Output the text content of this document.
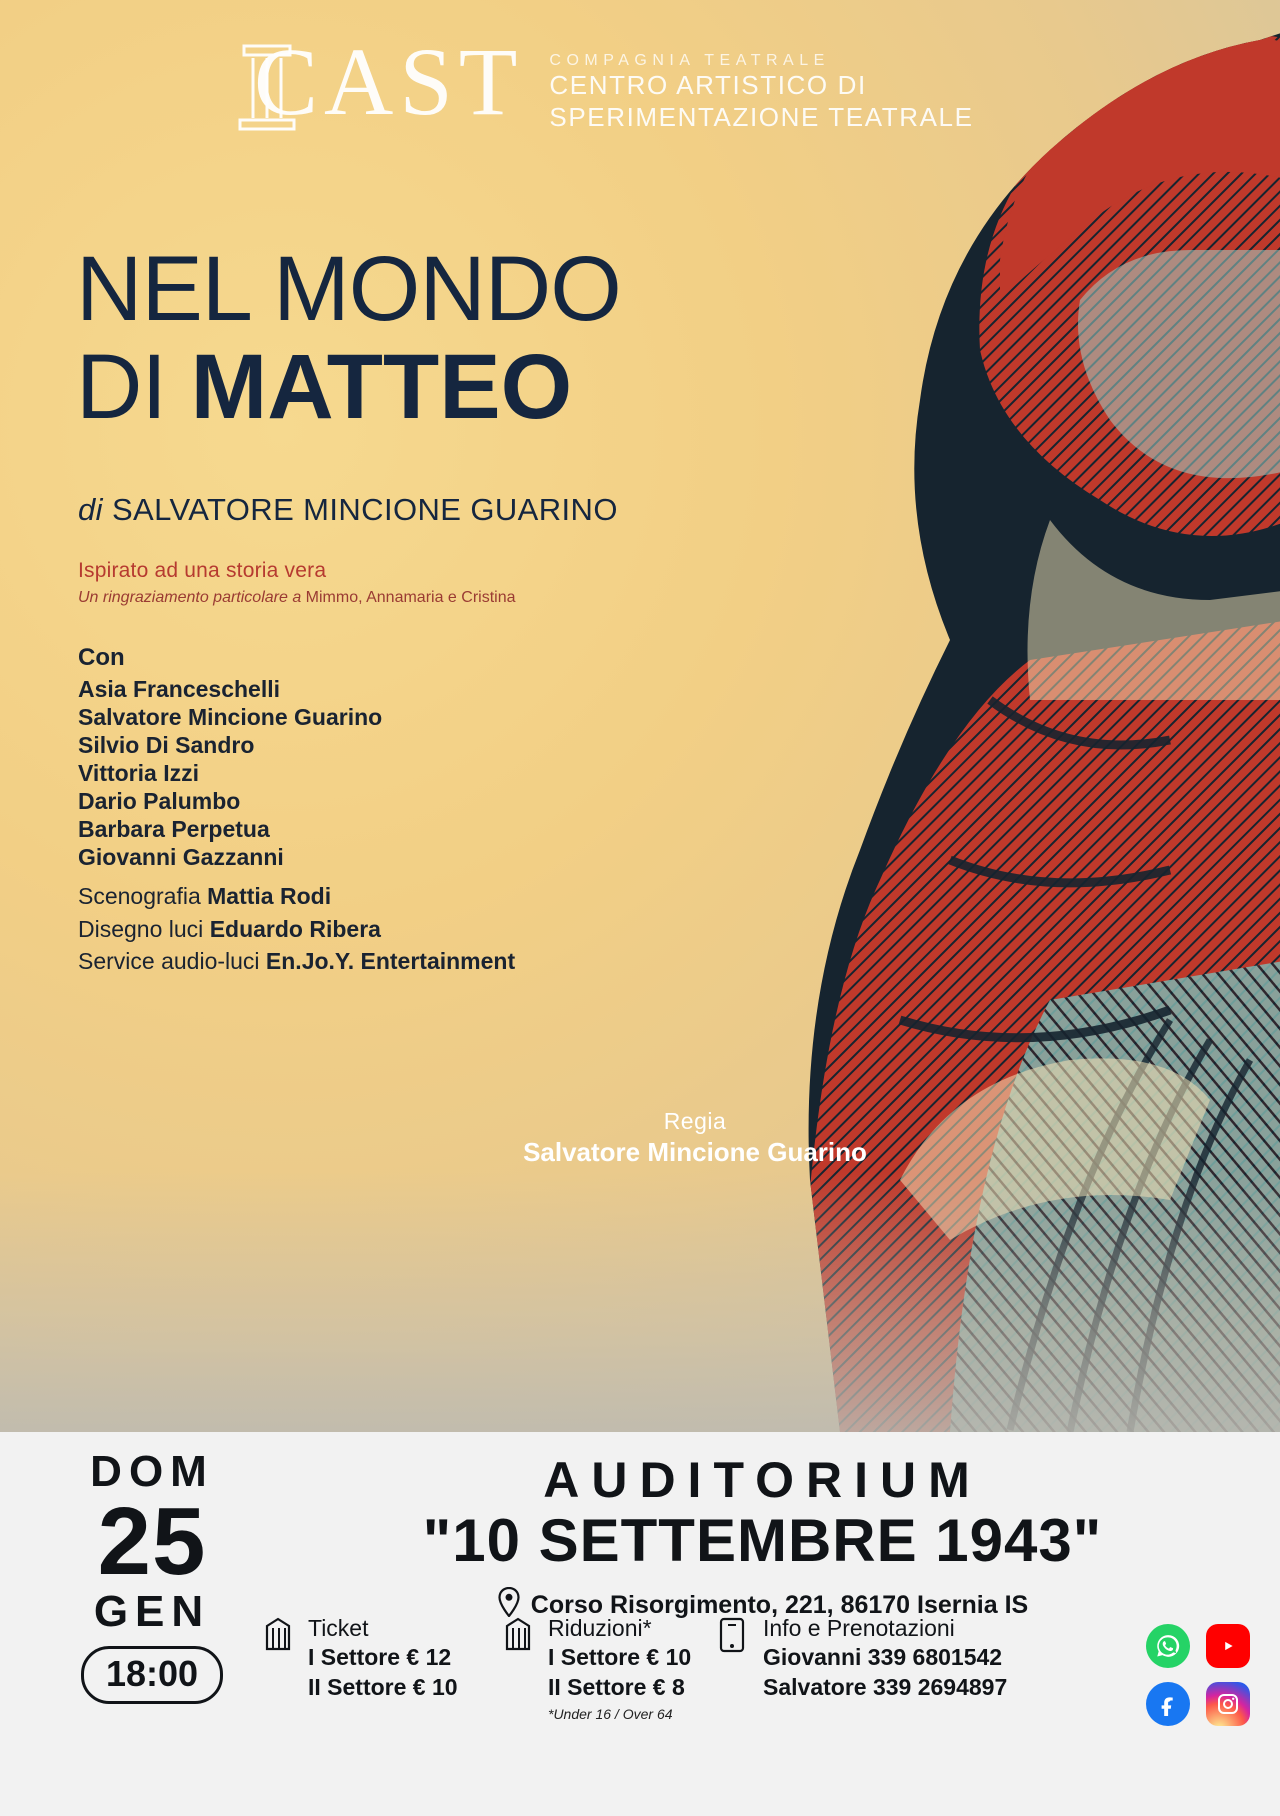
CAST COMPAGNIA TEATRALE
CENTRO ARTISTICO DI
SPERIMENTAZIONE TEATRALE
NEL MONDO
DI MATTEO
di SALVATORE MINCIONE GUARINO
Ispirato ad una storia vera
Un ringraziamento particolare a Mimmo, Annamaria e Cristina
Con
Asia Franceschelli
Salvatore Mincione Guarino
Silvio Di Sandro
Vittoria Izzi
Dario Palumbo
Barbara Perpetua
Giovanni Gazzanni
Scenografia Mattia Rodi
Disegno luci Eduardo Ribera
Service audio-luci En.Jo.Y. Entertainment
Regia
Salvatore Mincione Guarino
DOM
25
GEN
18:00
AUDITORIUM
"10 SETTEMBRE 1943"
Corso Risorgimento, 221, 86170 Isernia IS
Ticket
I Settore € 12
II Settore € 10
Riduzioni*
I Settore € 10
II Settore € 8
*Under 16 / Over 64
Info e Prenotazioni
Giovanni 339 6801542
Salvatore 339 2694897
